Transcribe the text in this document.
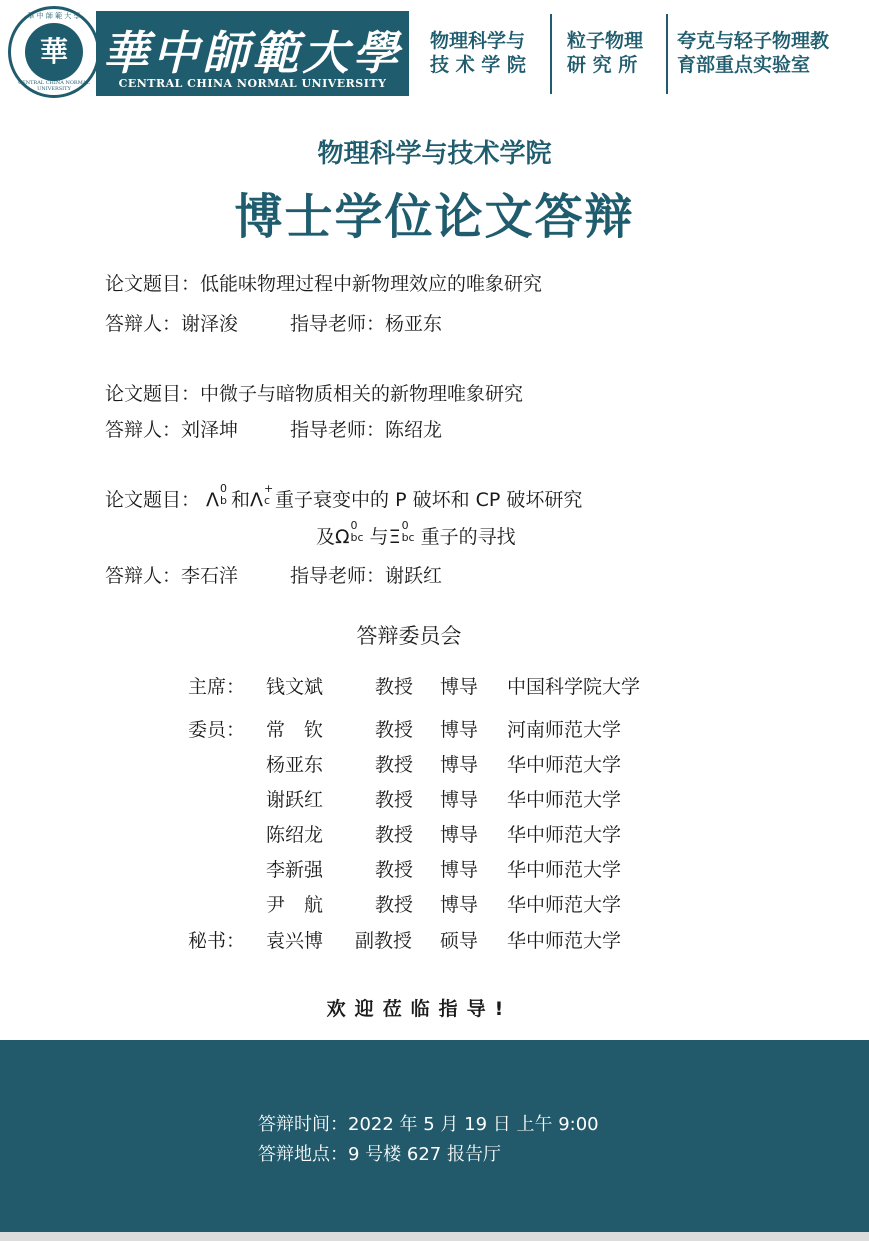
華 中 師 範 大 學
華
CENTRAL CHINA NORMAL UNIVERSITY
華中師範大學
CENTRAL CHINA NORMAL UNIVERSITY
物理科学与
技 术 学 院
粒子物理
研 究 所
夸克与轻子物理教
育部重点实验室
物理科学与技术学院
博士学位论文答辩
论文题目：低能味物理过程中新物理效应的唯象研究
答辩人：谢泽浚	指导老师：杨亚东
论文题目：中微子与暗物质相关的新物理唯象研究
答辩人：刘泽坤	指导老师：陈绍龙
论文题目： Λ
0
b 和Λ
+
c 重子衰变中的 P 破坏和 CP 破坏研究
及Ω
0
bc 与Ξ
0
bc 重子的寻找
答辩人：李石洋	指导老师：谢跃红
答辩委员会
主席： 钱文斌	教授 博导 中国科学院大学
委员： 常　钦	教授 博导 河南师范大学
杨亚东	教授 博导 华中师范大学
谢跃红	教授 博导 华中师范大学
陈绍龙	教授 博导 华中师范大学
李新强	教授 博导 华中师范大学
尹　航	教授 博导 华中师范大学
秘书： 袁兴博 副教授 硕导 华中师范大学
欢迎莅临指导!
答辩时间：2022 年 5 月 19 日 上午 9:00
答辩地点：9 号楼 627 报告厅
